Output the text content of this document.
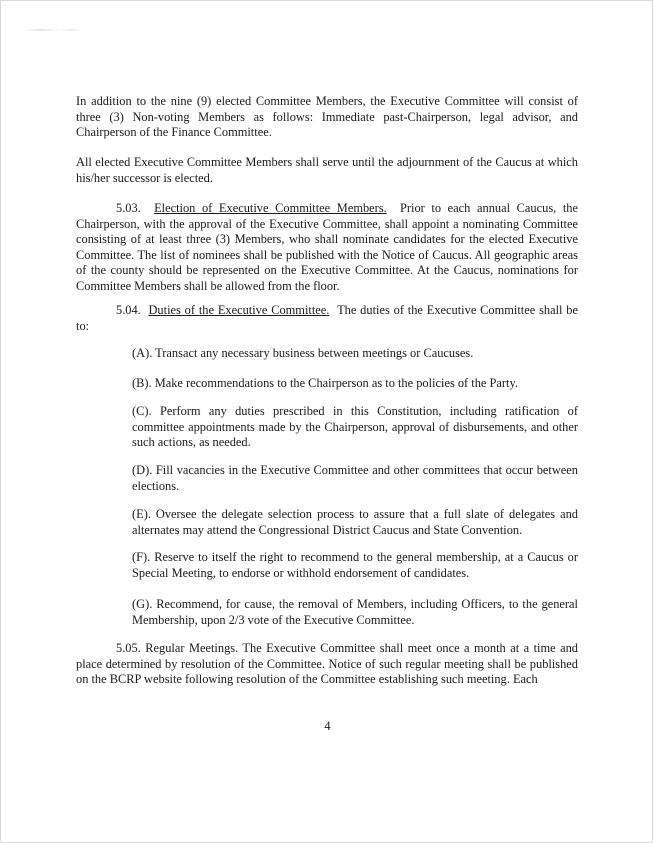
In addition to the nine (9) elected Committee Members, the Executive Committee will consist of three (3) Non-voting Members as follows: Immediate past-Chairperson, legal advisor, and Chairperson of the Finance Committee.

All elected Executive Committee Members shall serve until the adjournment of the Caucus at which his/her successor is elected.

5.03. Election of Executive Committee Members. Prior to each annual Caucus, the Chairperson, with the approval of the Executive Committee, shall appoint a nominating Committee consisting of at least three (3) Members, who shall nominate candidates for the elected Executive Committee. The list of nominees shall be published with the Notice of Caucus. All geographic areas of the county should be represented on the Executive Committee. At the Caucus, nominations for Committee Members shall be allowed from the floor.

5.04. Duties of the Executive Committee. The duties of the Executive Committee shall be to:

(A). Transact any necessary business between meetings or Caucuses.

(B). Make recommendations to the Chairperson as to the policies of the Party.

(C). Perform any duties prescribed in this Constitution, including ratification of committee appointments made by the Chairperson, approval of disbursements, and other such actions, as needed.

(D). Fill vacancies in the Executive Committee and other committees that occur between elections.

(E). Oversee the delegate selection process to assure that a full slate of delegates and alternates may attend the Congressional District Caucus and State Convention.

(F). Reserve to itself the right to recommend to the general membership, at a Caucus or Special Meeting, to endorse or withhold endorsement of candidates.

(G). Recommend, for cause, the removal of Members, including Officers, to the general Membership, upon 2/3 vote of the Executive Committee.

5.05. Regular Meetings. The Executive Committee shall meet once a month at a time and place determined by resolution of the Committee. Notice of such regular meeting shall be published on the BCRP website following resolution of the Committee establishing such meeting. Each

4
